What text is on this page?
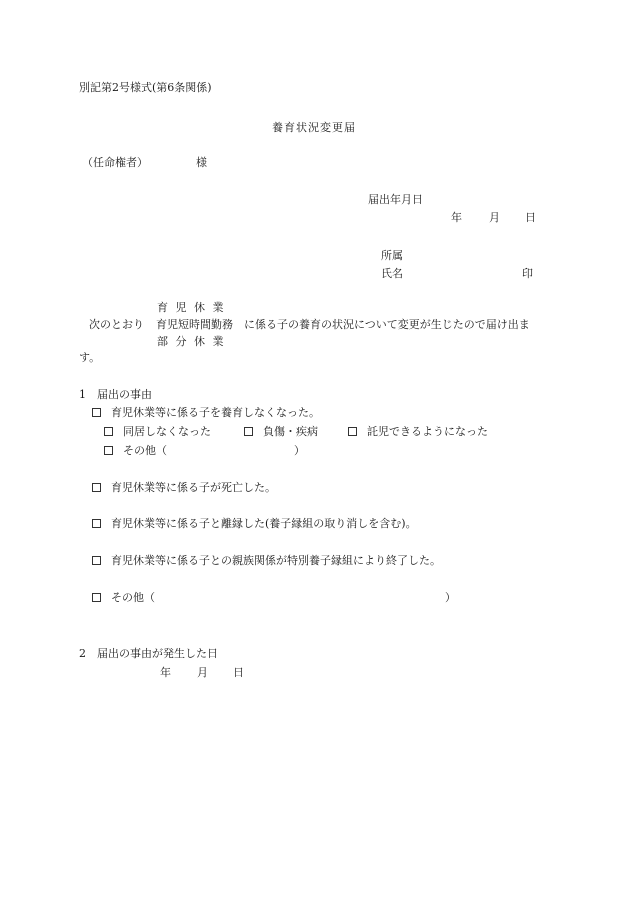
別記第2号様式(第6条関係)
養育状況変更届
（任命権者）	様
届出年月日
年 月 日
所属
氏名	印
育 児 休 業
次のとおり 育児短時間勤務 に係る子の養育の状況について変更が生じたので届け出ま
部 分 休 業
す。
1　届出の事由
育児休業等に係る子を養育しなくなった。
同居しなくなった	負傷・疾病	託児できるようになった
その他（	）
育児休業等に係る子が死亡した。
育児休業等に係る子と離縁した(養子縁組の取り消しを含む)。
育児休業等に係る子との親族関係が特別養子縁組により終了した。
その他（	）
2　届出の事由が発生した日
年 月 日
